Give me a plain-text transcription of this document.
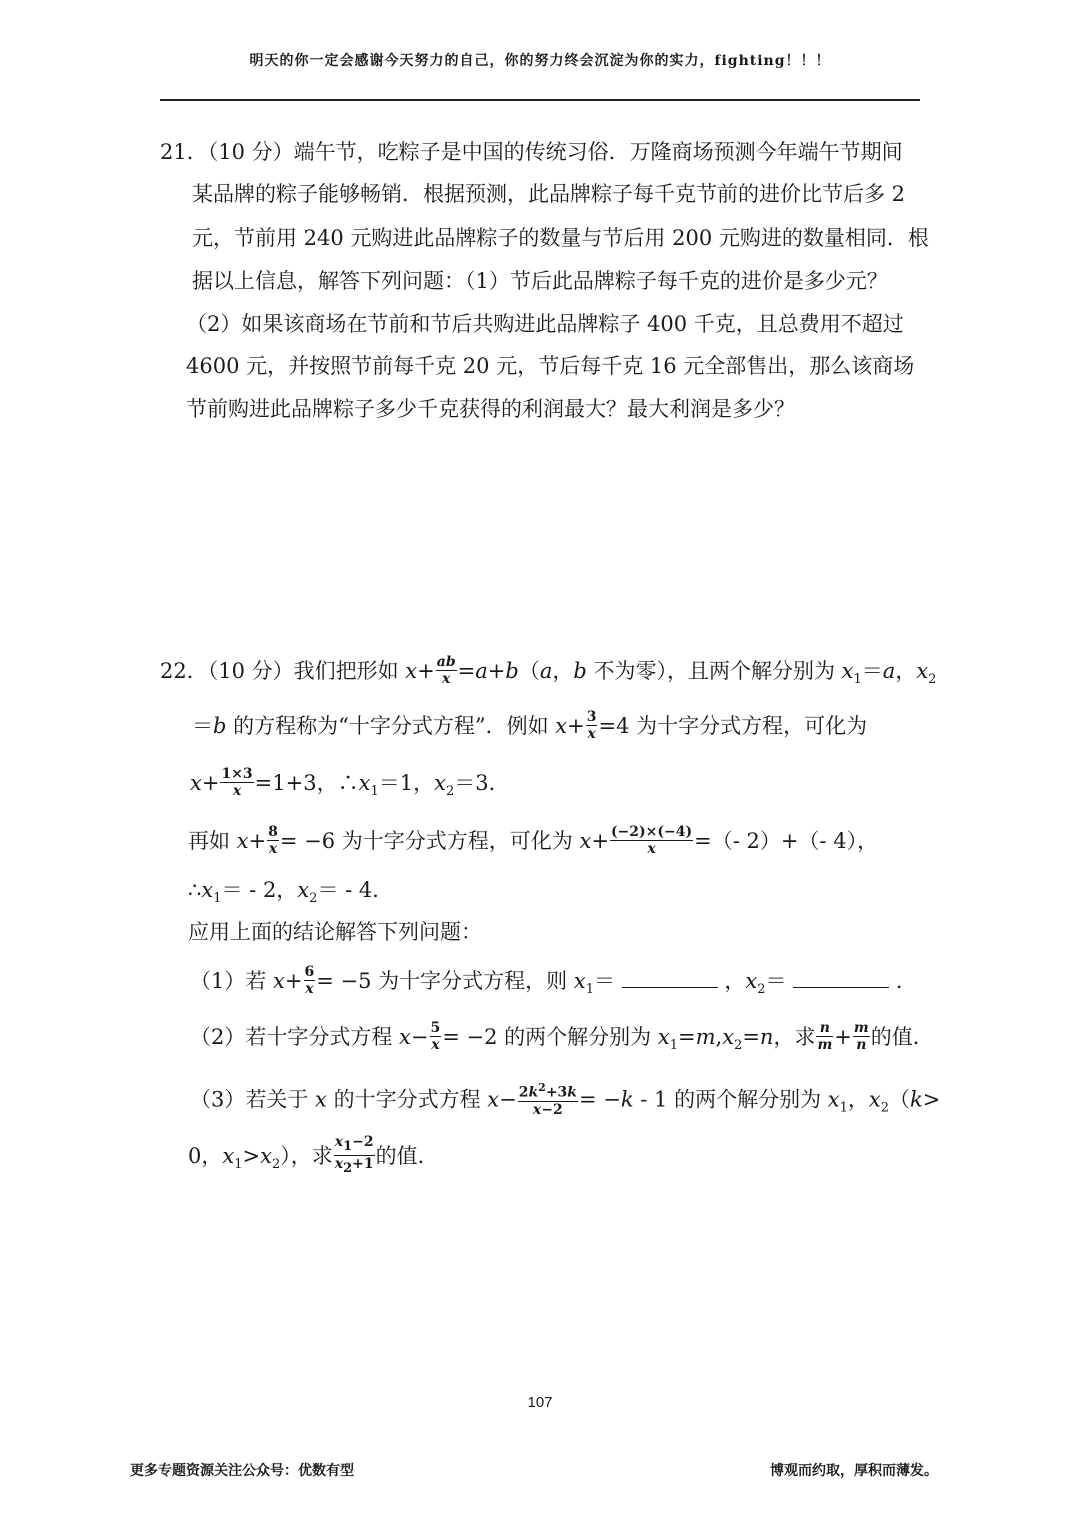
明天的你一定会感谢今天努力的自己，你的努力终会沉淀为你的实力，fighting！！！
21．（10 分）端午节，吃粽子是中国的传统习俗．万隆商场预测今年端午节期间
某品牌的粽子能够畅销．根据预测，此品牌粽子每千克节前的进价比节后多 2
元，节前用 240 元购进此品牌粽子的数量与节后用 200 元购进的数量相同．根
据以上信息，解答下列问题：（1）节后此品牌粽子每千克的进价是多少元？
（2）如果该商场在节前和节后共购进此品牌粽子 400 千克，且总费用不超过
4600 元，并按照节前每千克 20 元，节后每千克 16 元全部售出，那么该商场
节前购进此品牌粽子多少千克获得的利润最大？最大利润是多少？
22．（10 分）我们把形如 $x+ \frac{ab}{x} =a+b(a$，b 不为零），且两个解分别为 $x_1=a$，$x_2$
＝b 的方程称为“十字分式方程”．例如 $x+ \frac{3}{x} =4$ 为十字分式方程，可化为
$x+ \frac{1\times 3}{x} =1+3$，$\therefore x_1=1$，$x_2=3$．
再如 $x+ \frac{8}{x} = -6$ 为十字分式方程，可化为 $x+ \frac{(-2)\times(-4)}{x}$ =（- 2）+（- 4），
$\therefore x_1= - 2$，$x_2= - 4$．
应用上面的结论解答下列问题：
（1）若 $x+ \frac{6}{x} = -5$ 为十字分式方程，则 $x_1=$	，$x_2=$	．
（2）若十字分式方程 $x- \frac{5}{x} = -2$ 的两个解分别为 $x_1=m,x_2=n$，求 $\frac{n}{m} + \frac{m}{n}$ 的值．
（3）若关于 x 的十字分式方程 $x- \frac{2k^2+3k}{x-2} = -k - 1$ 的两个解分别为 $x_1$，$x_2(k>$
0，$x_1>x_2$），求 $\frac{x_1-2}{x_2+1}$ 的值．
107
更多专题资源关注公众号：优数有型	博观而约取，厚积而薄发。
